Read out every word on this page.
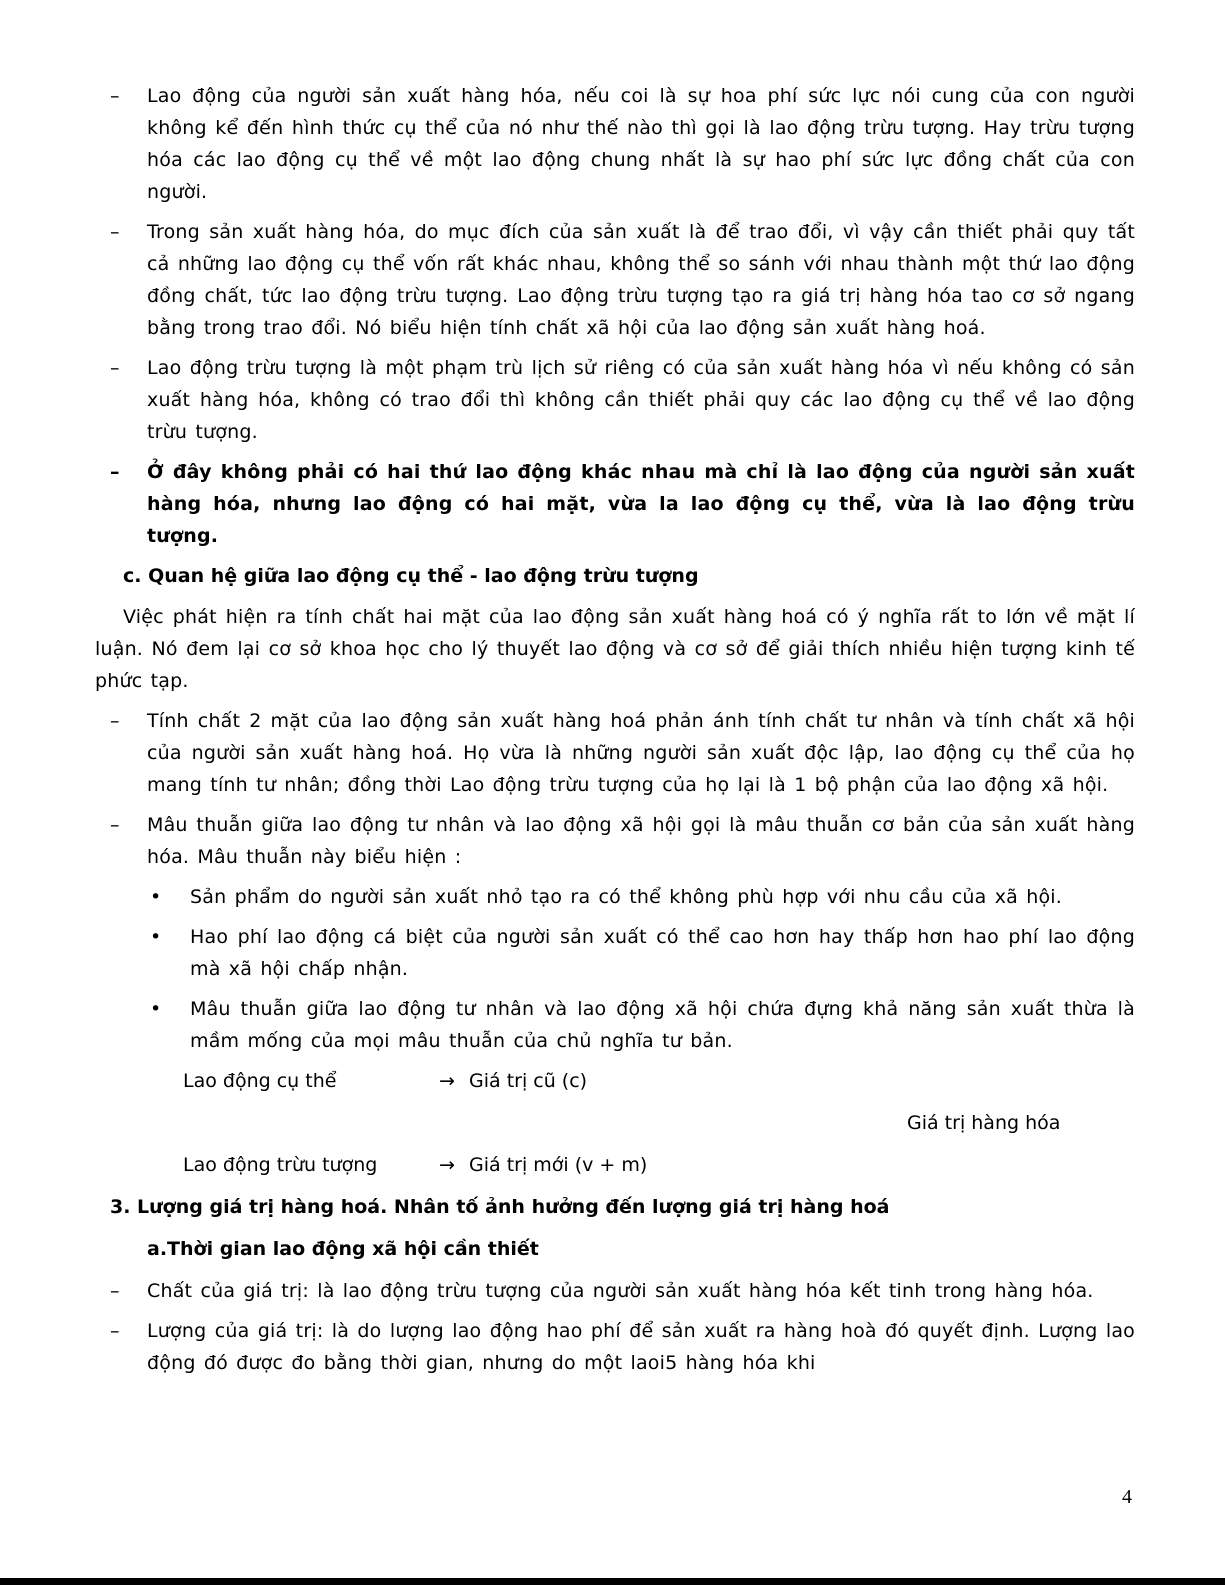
– Lao động của người sản xuất hàng hóa, nếu coi là sự hoa phí sức lực nói cung của con người không kể đến hình thức cụ thể của nó như thế nào thì gọi là lao động trừu tượng. Hay trừu tượng hóa các lao động cụ thể về một lao động chung nhất là sự hao phí sức lực đồng chất của con người.
– Trong sản xuất hàng hóa, do mục đích của sản xuất là để trao đổi, vì vậy cần thiết phải quy tất cả những lao động cụ thể vốn rất khác nhau, không thể so sánh với nhau thành một thứ lao động đồng chất, tức lao động trừu tượng. Lao động trừu tượng tạo ra giá trị hàng hóa tao cơ sở ngang bằng trong trao đổi. Nó biểu hiện tính chất xã hội của lao động sản xuất hàng hoá.
– Lao động trừu tượng là một phạm trù lịch sử riêng có của sản xuất hàng hóa vì nếu không có sản xuất hàng hóa, không có trao đổi thì không cần thiết phải quy các lao động cụ thể về lao động trừu tượng.
– Ở đây không phải có hai thứ lao động khác nhau mà chỉ là lao động của người sản xuất hàng hóa, nhưng lao động có hai mặt, vừa la lao động cụ thể, vừa là lao động trừu tượng.
c. Quan hệ giữa lao động cụ thể - lao động trừu tượng
Việc phát hiện ra tính chất hai mặt của lao động sản xuất hàng hoá có ý nghĩa rất to lớn về mặt lí luận. Nó đem lại cơ sở khoa học cho lý thuyết lao động và cơ sở để giải thích nhiều hiện tượng kinh tế phức tạp.
– Tính chất 2 mặt của lao động sản xuất hàng hoá phản ánh tính chất tư nhân và tính chất xã hội của người sản xuất hàng hoá. Họ vừa là những người sản xuất độc lập, lao động cụ thể của họ mang tính tư nhân; đồng thời Lao động trừu tượng của họ lại là 1 bộ phận của lao động xã hội.
– Mâu thuẫn giữa lao động tư nhân và lao động xã hội gọi là mâu thuẫn cơ bản của sản xuất hàng hóa. Mâu thuẫn này biểu hiện :
• Sản phẩm do người sản xuất nhỏ tạo ra có thể không phù hợp với nhu cầu của xã hội.
• Hao phí lao động cá biệt của người sản xuất có thể cao hơn hay thấp hơn hao phí lao động mà xã hội chấp nhận.
• Mâu thuẫn giữa lao động tư nhân và lao động xã hội chứa đựng khả năng sản xuất thừa là mầm mống của mọi mâu thuẫn của chủ nghĩa tư bản.
Lao động cụ thể	→ Giá trị cũ (c)
Giá trị hàng hóa
Lao động trừu tượng	→ Giá trị mới (v + m)
3. Lượng giá trị hàng hoá. Nhân tố ảnh hưởng đến lượng giá trị hàng hoá
a.Thời gian lao động xã hội cần thiết
– Chất của giá trị: là lao động trừu tượng của người sản xuất hàng hóa kết tinh trong hàng hóa.
– Lượng của giá trị: là do lượng lao động hao phí để sản xuất ra hàng hoà đó quyết định. Lượng lao động đó được đo bằng thời gian, nhưng do một laoi5 hàng hóa khi
4
